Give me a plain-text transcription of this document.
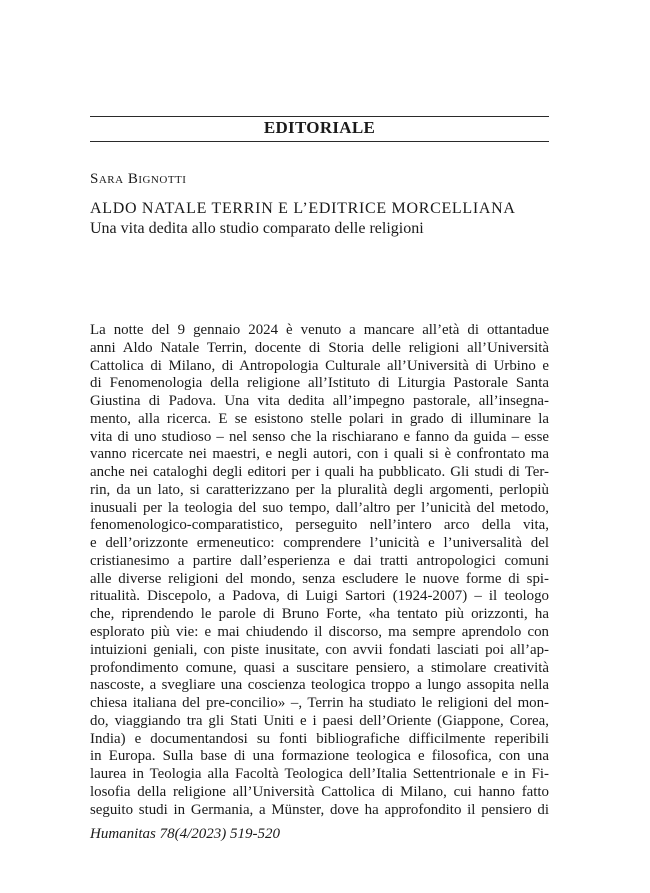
EDITORIALE
Sara Bignotti
ALDO NATALE TERRIN E L’EDITRICE MORCELLIANA
Una vita dedita allo studio comparato delle religioni
La notte del 9 gennaio 2024 è venuto a mancare all’età di ottantadue
anni Aldo Natale Terrin, docente di Storia delle religioni all’Università
Cattolica di Milano, di Antropologia Culturale all’Università di Urbino e
di Fenomenologia della religione all’Istituto di Liturgia Pastorale Santa
Giustina di Padova. Una vita dedita all’impegno pastorale, all’insegna-
mento, alla ricerca. E se esistono stelle polari in grado di illuminare la
vita di uno studioso – nel senso che la rischiarano e fanno da guida – esse
vanno ricercate nei maestri, e negli autori, con i quali si è confrontato ma
anche nei cataloghi degli editori per i quali ha pubblicato. Gli studi di Ter-
rin, da un lato, si caratterizzano per la pluralità degli argomenti, perlopiù
inusuali per la teologia del suo tempo, dall’altro per l’unicità del metodo,
fenomenologico-comparatistico, perseguito nell’intero arco della vita,
e dell’orizzonte ermeneutico: comprendere l’unicità e l’universalità del
cristianesimo a partire dall’esperienza e dai tratti antropologici comuni
alle diverse religioni del mondo, senza escludere le nuove forme di spi-
ritualità. Discepolo, a Padova, di Luigi Sartori (1924-2007) – il teologo
che, riprendendo le parole di Bruno Forte, «ha tentato più orizzonti, ha
esplorato più vie: e mai chiudendo il discorso, ma sempre aprendolo con
intuizioni geniali, con piste inusitate, con avvii fondati lasciati poi all’ap-
profondimento comune, quasi a suscitare pensiero, a stimolare creatività
nascoste, a svegliare una coscienza teologica troppo a lungo assopita nella
chiesa italiana del pre-concilio» –, Terrin ha studiato le religioni del mon-
do, viaggiando tra gli Stati Uniti e i paesi dell’Oriente (Giappone, Corea,
India) e documentandosi su fonti bibliografiche difficilmente reperibili
in Europa. Sulla base di una formazione teologica e filosofica, con una
laurea in Teologia alla Facoltà Teologica dell’Italia Settentrionale e in Fi-
losofia della religione all’Università Cattolica di Milano, cui hanno fatto
seguito studi in Germania, a Münster, dove ha approfondito il pensiero di
Humanitas 78(4/2023) 519-520
